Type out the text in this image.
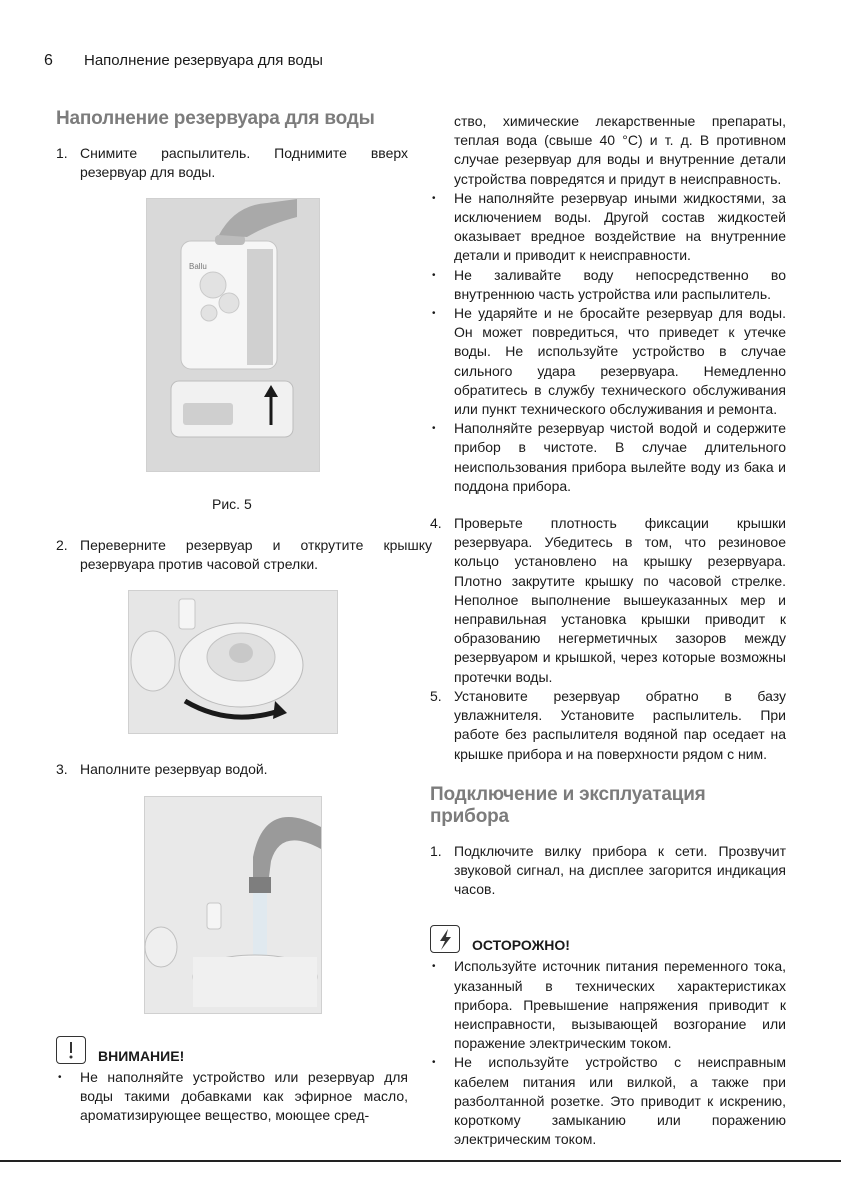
6 Наполнение резервуара для воды
Наполнение резервуара для воды
1. Снимите распылитель. Поднимите вверх резервуар для воды.
Ballu
Рис. 5
2. Переверните резервуар и открутите крышку резервуара против часовой стрелки.
3. Наполните резервуар водой.
ВНИМАНИЕ!
• Не наполняйте устройство или резервуар для воды такими добавками как эфирное масло, ароматизирующее вещество, моющее сред-

ство, химические лекарственные препараты, теплая вода (свыше 40 °C) и т. д. В противном случае резервуар для воды и внутренние детали устройства повредятся и придут в неисправность.

• Не наполняйте резервуар иными жидкостями, за исключением воды. Другой состав жидкостей оказывает вредное воздействие на внутренние детали и приводит к неисправности.
• Не заливайте воду непосредственно во внутреннюю часть устройства или распылитель.
• Не ударяйте и не бросайте резервуар для воды. Он может повредиться, что приведет к утечке воды. Не используйте устройство в случае сильного удара резервуара. Немедленно обратитесь в службу технического обслуживания или пункт технического обслуживания и ремонта.
• Наполняйте резервуар чистой водой и содержите прибор в чистоте. В случае длительного неиспользования прибора вылейте воду из бака и поддона прибора.
4. Проверьте плотность фиксации крышки резервуара. Убедитесь в том, что резиновое кольцо установлено на крышку резервуара. Плотно закрутите крышку по часовой стрелке. Неполное выполнение вышеуказанных мер и неправильная установка крышки приводит к образованию негерметичных зазоров между резервуаром и крышкой, через которые возможны протечки воды.
5. Установите резервуар обратно в базу увлажнителя. Установите распылитель. При работе без распылителя водяной пар оседает на крышке прибора и на поверхности рядом с ним.
Подключение и эксплуатация прибора
1. Подключите вилку прибора к сети. Прозвучит звуковой сигнал, на дисплее загорится индикация часов.
ОСТОРОЖНО!
• Используйте источник питания переменного тока, указанный в технических характеристиках прибора. Превышение напряжения приводит к неисправности, вызывающей возгорание или поражение электрическим током.
• Не используйте устройство с неисправным кабелем питания или вилкой, а также при разболтанной розетке. Это приводит к искрению, короткому замыканию или поражению электрическим током.
